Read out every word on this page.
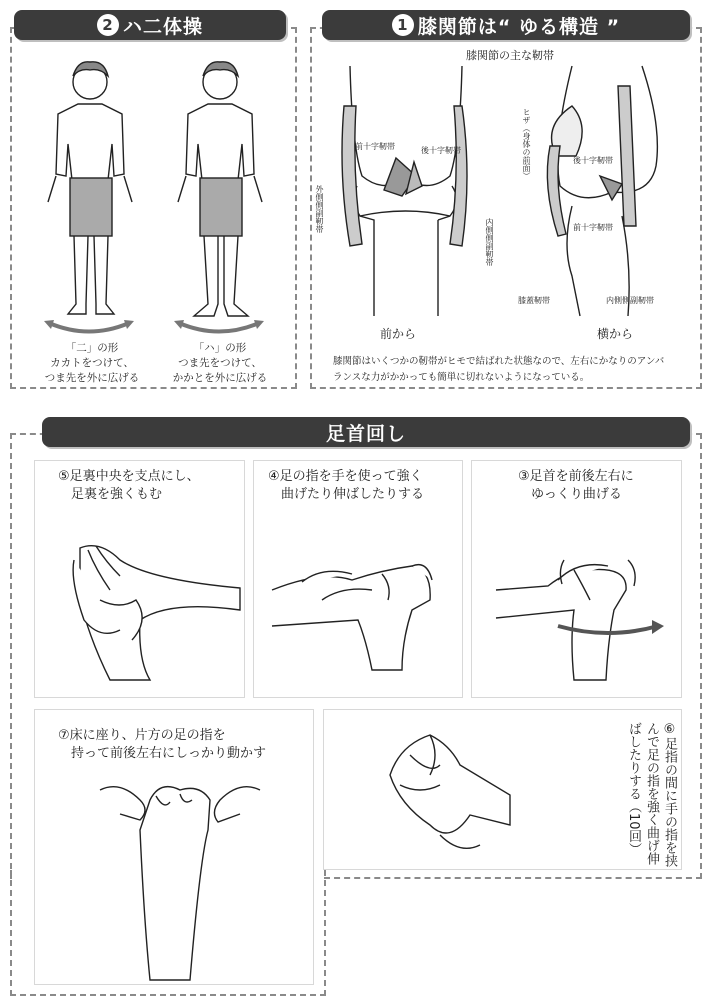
2 ハ二体操
「二」の形
カカトをつけて、
つま先を外に広げる
「ハ」の形
つま先をつけて、
かかとを外に広げる
1 膝関節は“ ゆる構造 ”
膝関節の主な靭帯
前十字靭帯	後十字靭帯
外側側副靭帯
内側側副靭帯
前から
ヒザ（身体の前面）	後十字靭帯
前十字靭帯
膝蓋靭帯	内側側副靭帯
横から
膝関節はいくつかの靭帯がヒモで結ばれた状態なので、左右にかなりのアンバ
ランスな力がかかっても簡単に切れないようになっている。
足首回し
⑤足裏中央を支点にし、
　足裏を強くもむ
④足の指を手を使って強く
　曲げたり伸ばしたりする
③足首を前後左右に
　ゆっくり曲げる
⑦床に座り、片方の足の指を
　持って前後左右にしっかり動かす	⑥足指の間に手の指を挟んで足の指を強く曲げ伸ばしたりする（10回）
